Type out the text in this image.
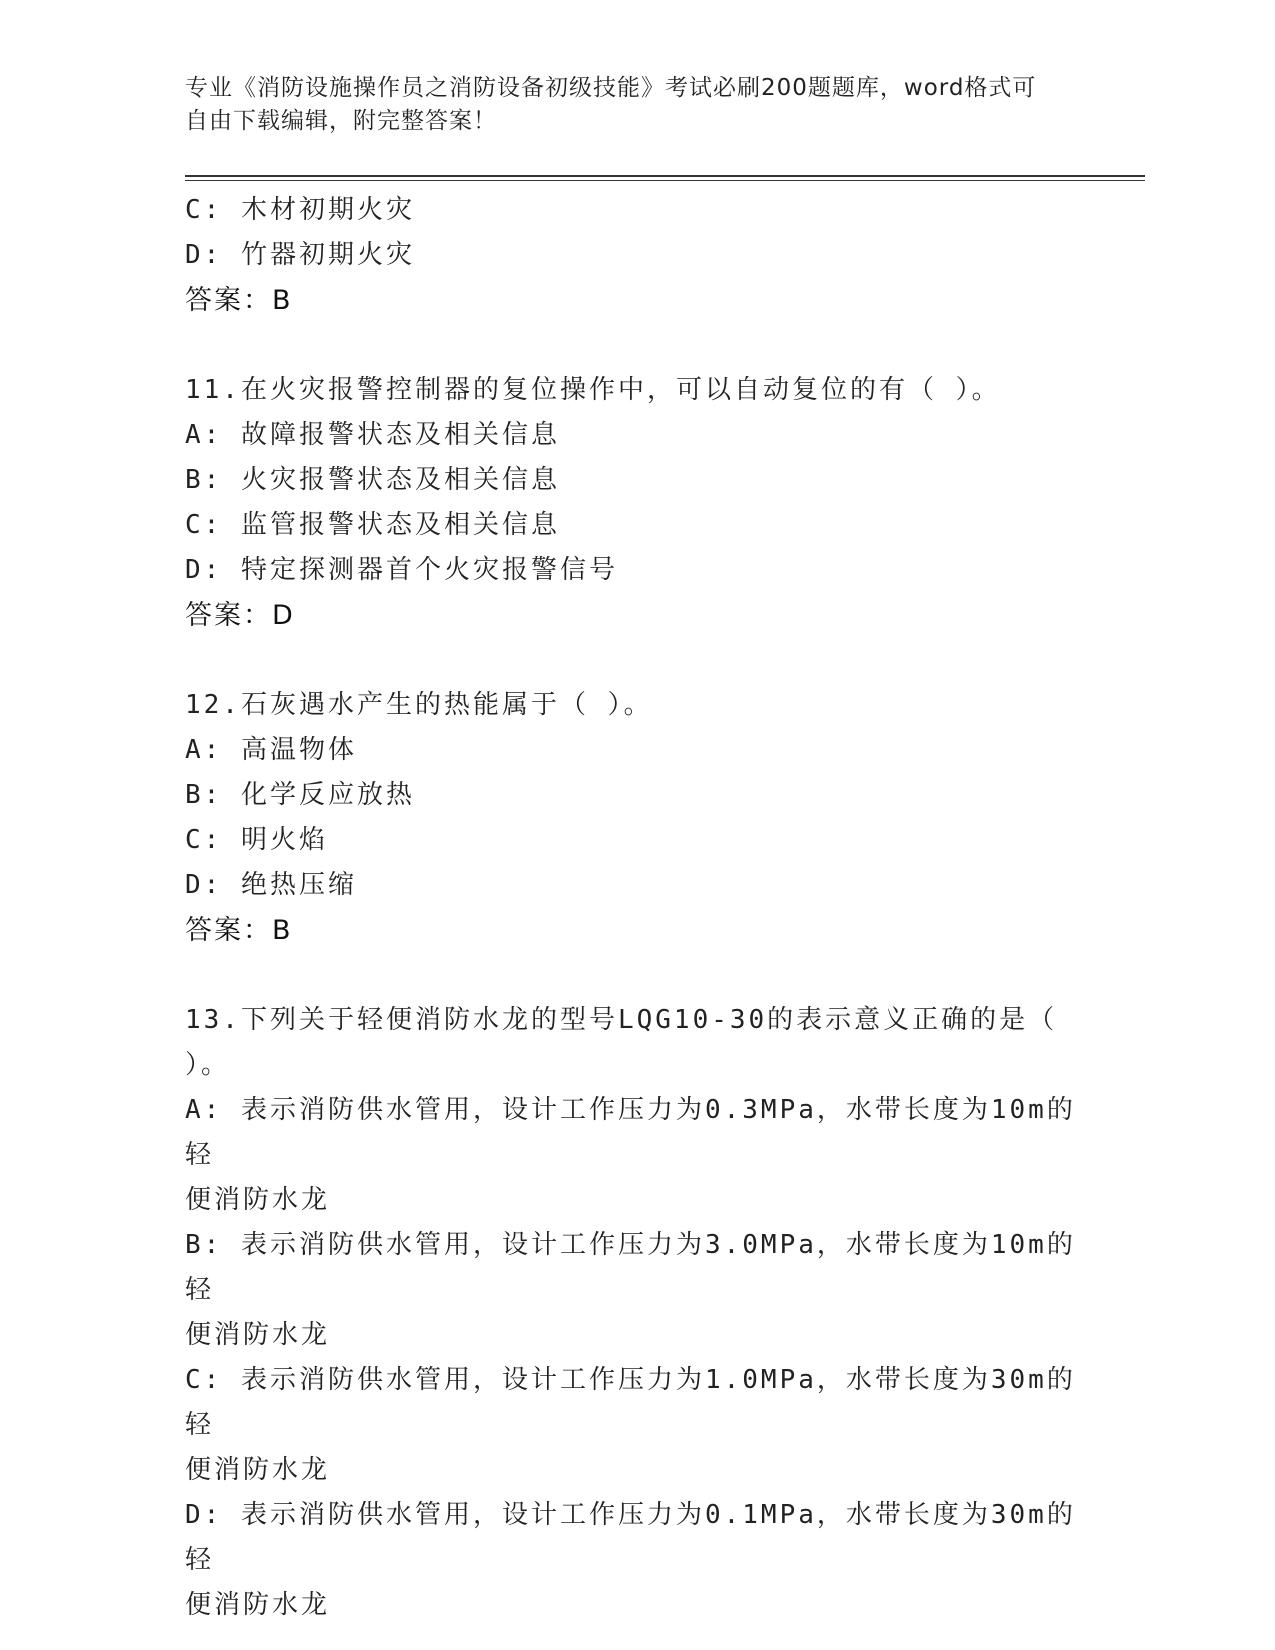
专业《消防设施操作员之消防设备初级技能》考试必刷200题题库，word格式可
自由下载编辑，附完整答案！

C: 木材初期火灾

D: 竹器初期火灾

答案：B

11.在火灾报警控制器的复位操作中，可以自动复位的有（ ）。

A: 故障报警状态及相关信息

B: 火灾报警状态及相关信息

C: 监管报警状态及相关信息

D: 特定探测器首个火灾报警信号

答案：D

12.石灰遇水产生的热能属于（ ）。

A: 高温物体

B: 化学反应放热

C: 明火焰

D: 绝热压缩

答案：B

13.下列关于轻便消防水龙的型号LQG10-30的表示意义正确的是（

）。

A: 表示消防供水管用，设计工作压力为0.3MPa，水带长度为10m的轻

便消防水龙

B: 表示消防供水管用，设计工作压力为3.0MPa，水带长度为10m的轻

便消防水龙

C: 表示消防供水管用，设计工作压力为1.0MPa，水带长度为30m的轻

便消防水龙

D: 表示消防供水管用，设计工作压力为0.1MPa，水带长度为30m的轻

便消防水龙
